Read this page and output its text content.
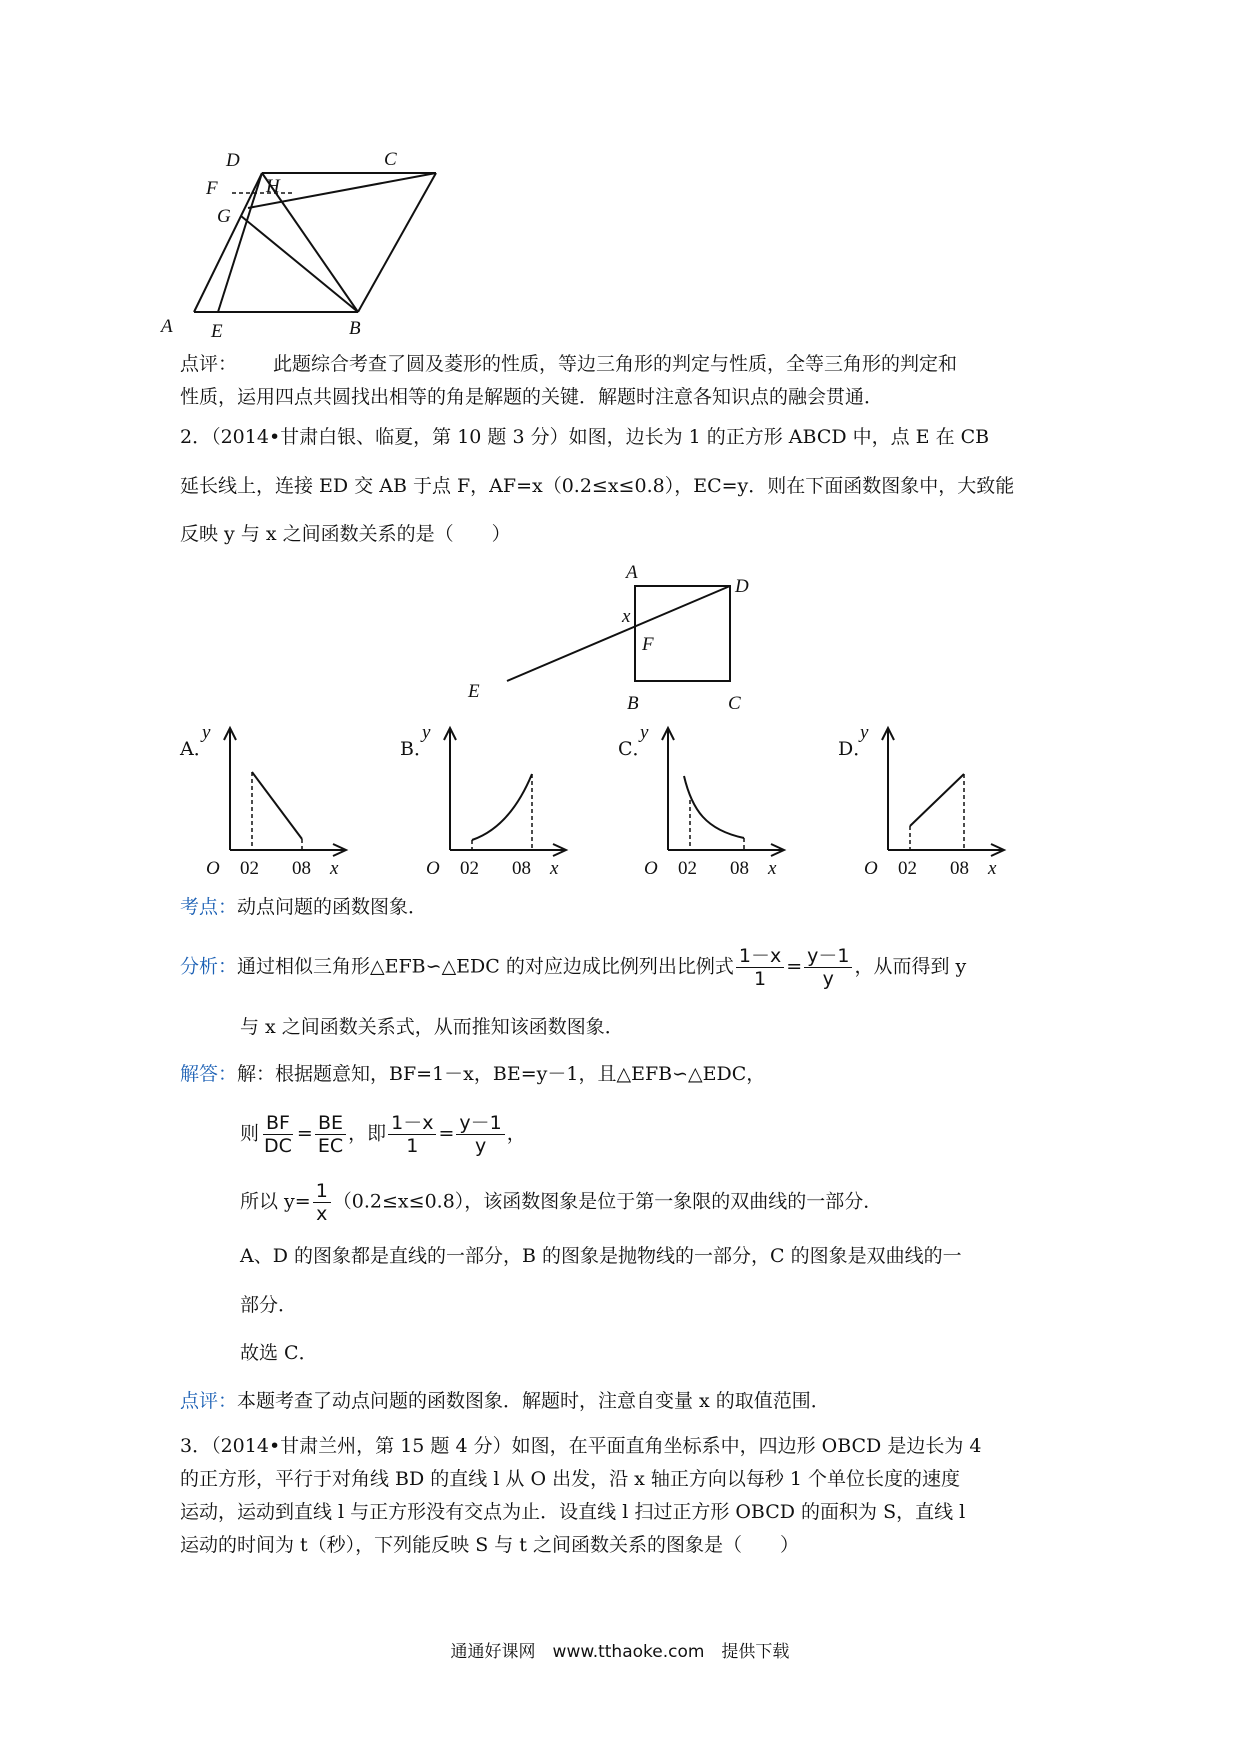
D	C
H
F
G
A E	B
点评： 此题综合考查了圆及菱形的性质，等边三角形的判定与性质，全等三角形的判定和
性质，运用四点共圆找出相等的角是解题的关键．解题时注意各知识点的融会贯通．
2．（2014•甘肃白银、临夏，第 10 题 3 分）如图，边长为 1 的正方形 ABCD 中，点 E 在 CB
延长线上，连接 ED 交 AB 于点 F，AF=x（0.2≤x≤0.8），EC=y．则在下面函数图象中，大致能
反映 y 与 x 之间函数关系的是（　　）
A
D
x
F
E
B	C
A．
y
O 02 08 x
B．
y
O 02 08 x
C．
y
O 02 08 x
D．
y
O 02 08 x
考点：动点问题的函数图象．
分析：通过相似三角形△EFB∽△EDC 的对应边成比例列出比例式 $\frac{1-x}{1} = \frac{y-1}{y}$ ，从而得到 y
与 x 之间函数关系式，从而推知该函数图象．
解答：解：根据题意知，BF=1－x，BE=y－1，且△EFB∽△EDC，
则 $\frac{BF}{DC} = \frac{BE}{EC}$ ，即 $\frac{1-x}{1} = \frac{y-1}{y}$ ，
所以 $y= \frac{1}{x} (0.2\le x\le 0.8)$，该函数图象是位于第一象限的双曲线的一部分．
A、D 的图象都是直线的一部分，B 的图象是抛物线的一部分，C 的图象是双曲线的一
部分．
故选 C．
点评：本题考查了动点问题的函数图象．解题时，注意自变量 x 的取值范围．
3．（2014•甘肃兰州，第 15 题 4 分）如图，在平面直角坐标系中，四边形 OBCD 是边长为 4
的正方形，平行于对角线 BD 的直线 l 从 O 出发，沿 x 轴正方向以每秒 1 个单位长度的速度
运动，运动到直线 l 与正方形没有交点为止．设直线 l 扫过正方形 OBCD 的面积为 S，直线 l
运动的时间为 t（秒），下列能反映 S 与 t 之间函数关系的图象是（　　）
通通好课网　www.tthaoke.com　提供下载
